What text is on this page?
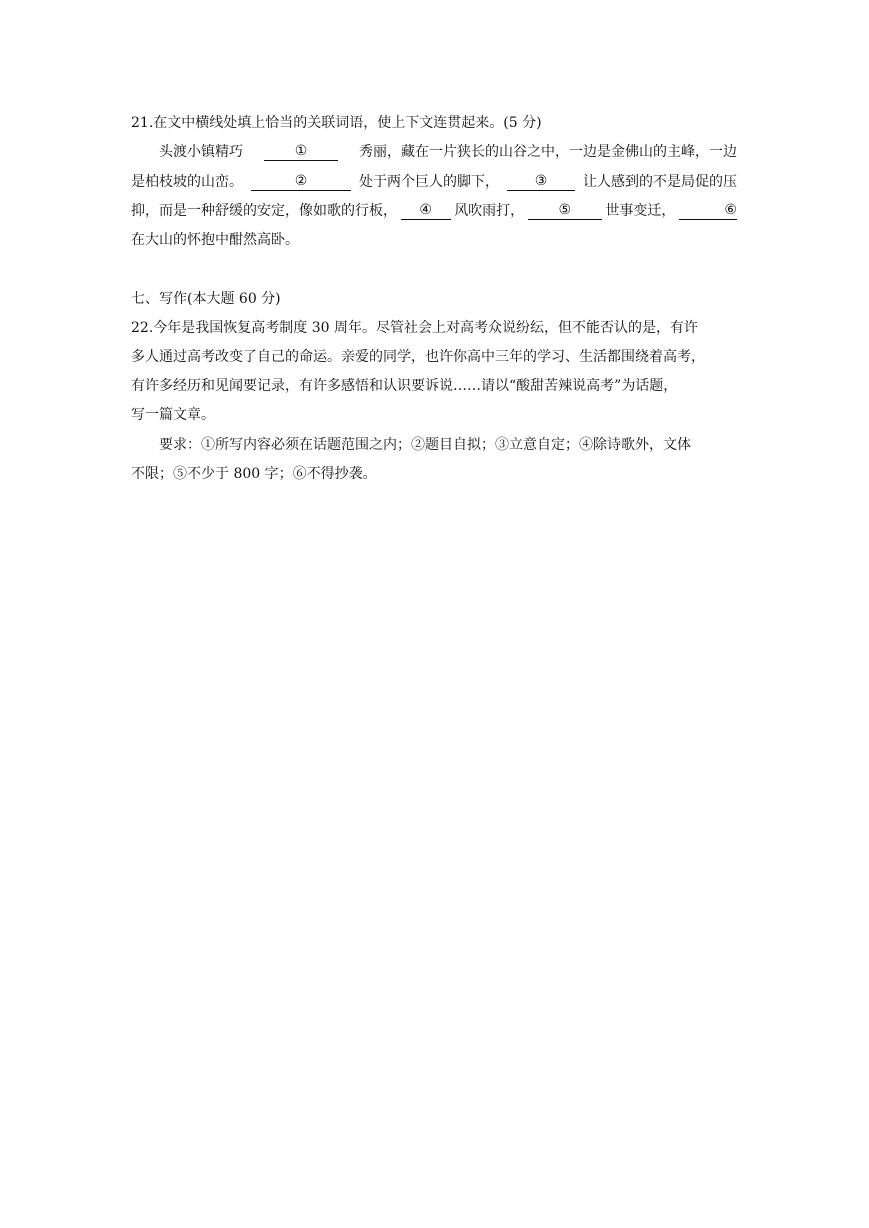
21.在文中横线处填上恰当的关联词语，使上下文连贯起来。(5 分)
头渡小镇精巧	①	秀丽，藏在一片狭长的山谷之中，一边是金佛山的主峰，一边
是柏枝坡的山峦。	②	处于两个巨人的脚下，	③	让人感到的不是局促的压
抑，而是一种舒缓的安定，像如歌的行板，	④	风吹雨打，	⑤	世事变迁，	⑥
在大山的怀抱中酣然高卧。
七、写作(本大题 60 分)
22.今年是我国恢复高考制度 30 周年。尽管社会上对高考众说纷纭，但不能否认的是，有许
多人通过高考改变了自己的命运。亲爱的同学，也许你高中三年的学习、生活都围绕着高考，
有许多经历和见闻要记录，有许多感悟和认识要诉说……请以“酸甜苦辣说高考”为话题，
写一篇文章。
要求：①所写内容必须在话题范围之内；②题目自拟；③立意自定；④除诗歌外，文体
不限；⑤不少于 800 字；⑥不得抄袭。
